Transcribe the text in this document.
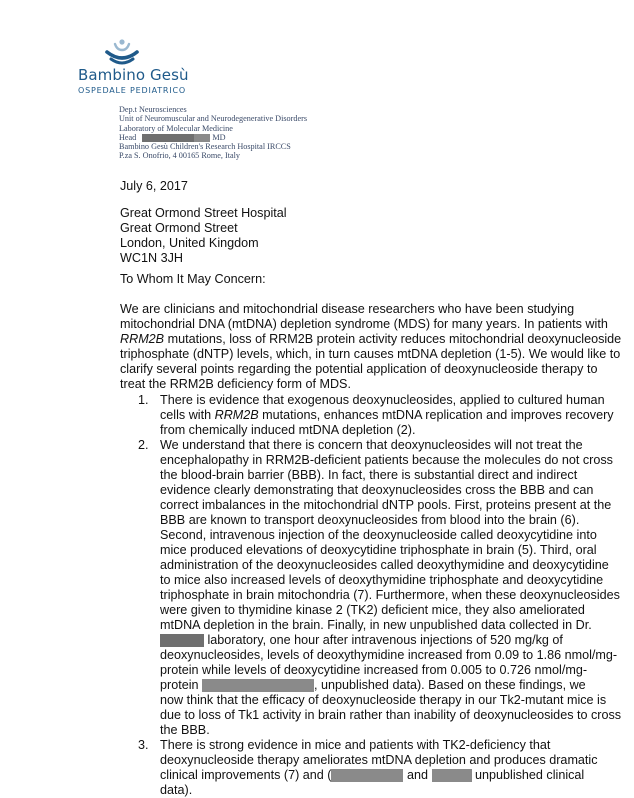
Bambino Gesù
OSPEDALE PEDIATRICO
Dep.t Neurosciences
Unit of Neuromuscular and Neurodegenerative Disorders
Laboratory of Molecular Medicine
Head	MD
Bambino Gesù Children's Research Hospital IRCCS
P.za S. Onofrio, 4 00165 Rome, Italy
July 6, 2017
Great Ormond Street Hospital
Great Ormond Street
London, United Kingdom
WC1N 3JH
To Whom It May Concern:
We are clinicians and mitochondrial disease researchers who have been studying
mitochondrial DNA (mtDNA) depletion syndrome (MDS) for many years. In patients with
RRM2B mutations, loss of RRM2B protein activity reduces mitochondrial deoxynucleoside
triphosphate (dNTP) levels, which, in turn causes mtDNA depletion (1-5). We would like to
clarify several points regarding the potential application of deoxynucleoside therapy to
treat the RRM2B deficiency form of MDS.
1. There is evidence that exogenous deoxynucleosides, applied to cultured human
cells with RRM2B mutations, enhances mtDNA replication and improves recovery
from chemically induced mtDNA depletion (2).
2. We understand that there is concern that deoxynucleosides will not treat the
encephalopathy in RRM2B-deficient patients because the molecules do not cross
the blood-brain barrier (BBB). In fact, there is substantial direct and indirect
evidence clearly demonstrating that deoxynucleosides cross the BBB and can
correct imbalances in the mitochondrial dNTP pools. First, proteins present at the
BBB are known to transport deoxynucleosides from blood into the brain (6).
Second, intravenous injection of the deoxynucleoside called deoxycytidine into
mice produced elevations of deoxycytidine triphosphate in brain (5). Third, oral
administration of the deoxynucleosides called deoxythymidine and deoxycytidine
to mice also increased levels of deoxythymidine triphosphate and deoxycytidine
triphosphate in brain mitochondria (7). Furthermore, when these deoxynucleosides
were given to thymidine kinase 2 (TK2) deficient mice, they also ameliorated
mtDNA depletion in the brain. Finally, in new unpublished data collected in Dr.
laboratory, one hour after intravenous injections of 520 mg/kg of
deoxynucleosides, levels of deoxythymidine increased from 0.09 to 1.86 nmol/mg-
protein while levels of deoxycytidine increased from 0.005 to 0.726 nmol/mg-
protein	, unpublished data). Based on these findings, we
now think that the efficacy of deoxynucleoside therapy in our Tk2-mutant mice is
due to loss of Tk1 activity in brain rather than inability of deoxynucleosides to cross
the BBB.
3. There is strong evidence in mice and patients with TK2-deficiency that
deoxynucleoside therapy ameliorates mtDNA depletion and produces dramatic
clinical improvements (7) and (	and	unpublished clinical
data).
